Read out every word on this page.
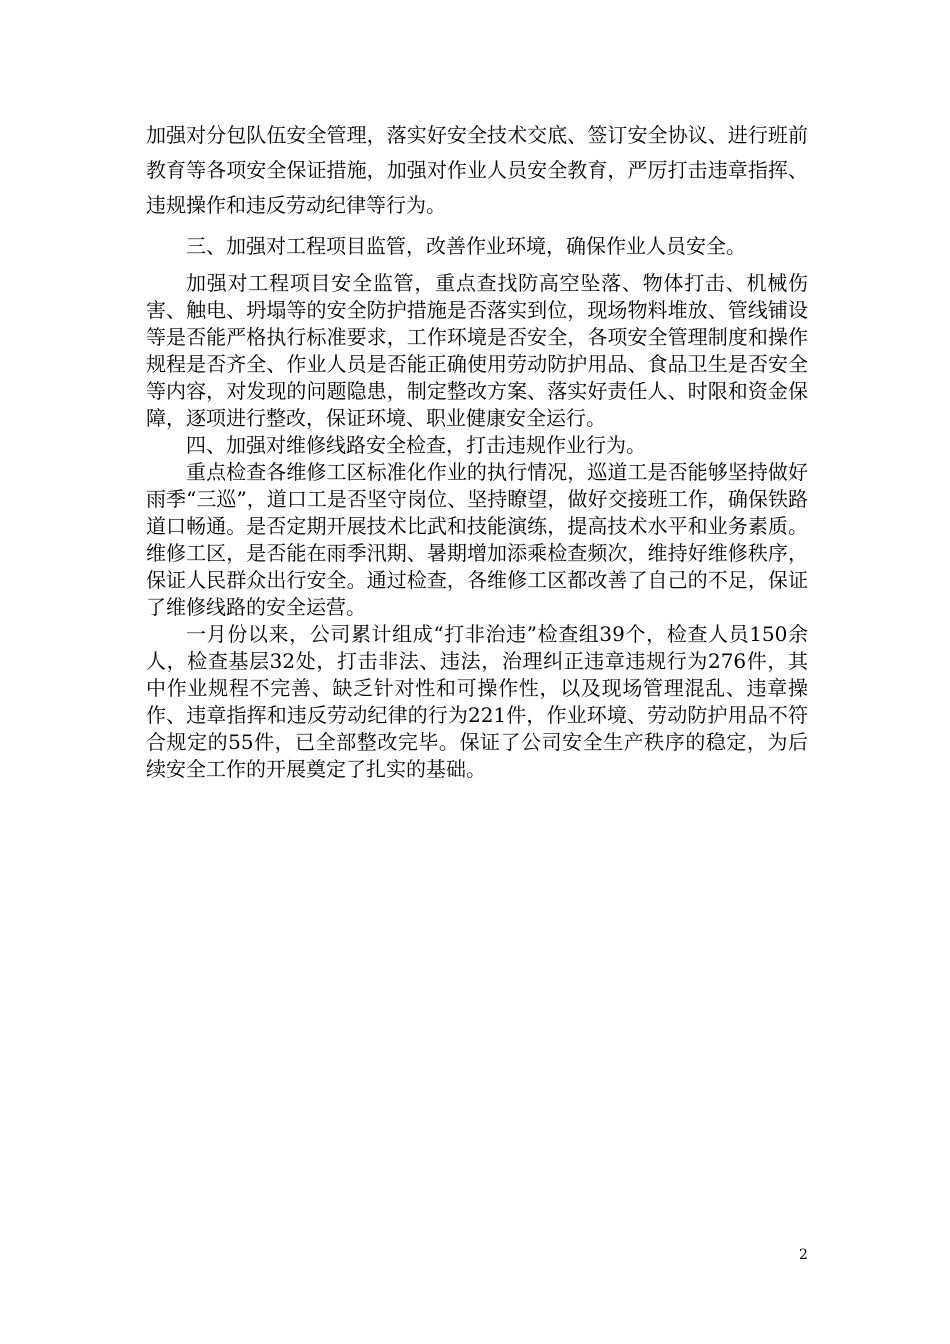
加强对分包队伍安全管理，落实好安全技术交底、签订安全协议、进行班前教育等各项安全保证措施，加强对作业人员安全教育，严厉打击违章指挥、违规操作和违反劳动纪律等行为。

三、加强对工程项目监管，改善作业环境，确保作业人员安全。

加强对工程项目安全监管，重点查找防高空坠落、物体打击、机械伤害、触电、坍塌等的安全防护措施是否落实到位，现场物料堆放、管线铺设等是否能严格执行标准要求，工作环境是否安全，各项安全管理制度和操作规程是否齐全、作业人员是否能正确使用劳动防护用品、食品卫生是否安全等内容，对发现的问题隐患，制定整改方案、落实好责任人、时限和资金保障，逐项进行整改，保证环境、职业健康安全运行。

四、加强对维修线路安全检查，打击违规作业行为。

重点检查各维修工区标准化作业的执行情况，巡道工是否能够坚持做好雨季“三巡”，道口工是否坚守岗位、坚持瞭望，做好交接班工作，确保铁路道口畅通。是否定期开展技术比武和技能演练，提高技术水平和业务素质。维修工区，是否能在雨季汛期、暑期增加添乘检查频次，维持好维修秩序，保证人民群众出行安全。通过检查，各维修工区都改善了自己的不足，保证了维修线路的安全运营。

一月份以来，公司累计组成“打非治违”检查组39个，检查人员150余人，检查基层32处，打击非法、违法，治理纠正违章违规行为276件，其中作业规程不完善、缺乏针对性和可操作性，以及现场管理混乱、违章操作、违章指挥和违反劳动纪律的行为221件，作业环境、劳动防护用品不符合规定的55件，已全部整改完毕。保证了公司安全生产秩序的稳定，为后续安全工作的开展奠定了扎实的基础。

2
